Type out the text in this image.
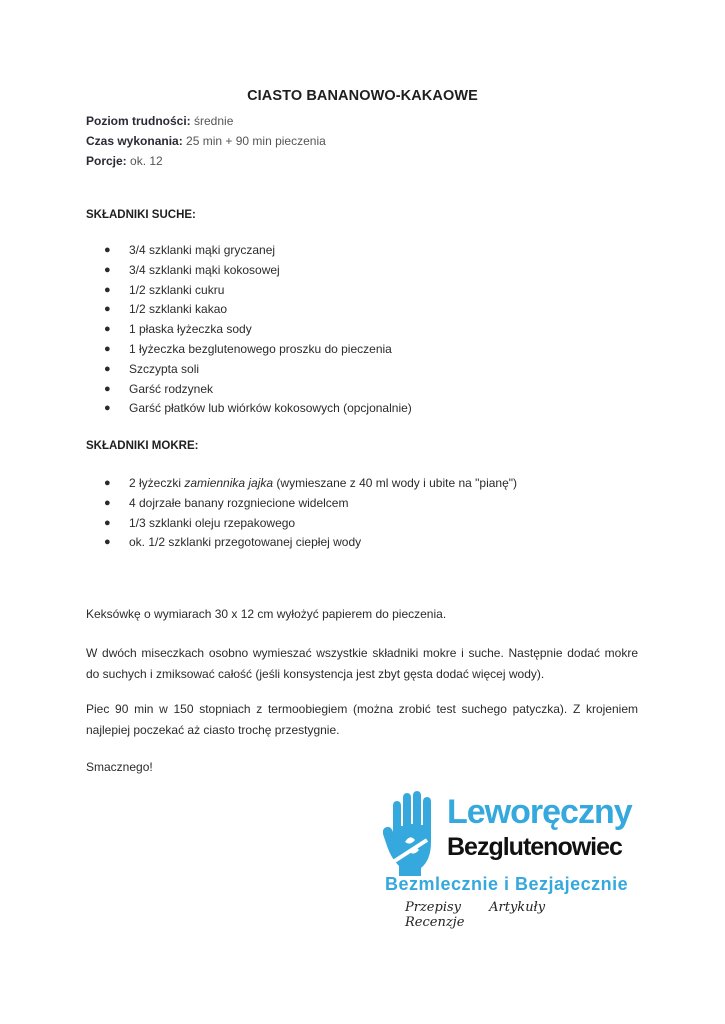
CIASTO BANANOWO-KAKAOWE
Poziom trudności: średnie
Czas wykonania: 25 min + 90 min pieczenia
Porcje: ok. 12
SKŁADNIKI SUCHE:
● 3/4 szklanki mąki gryczanej
● 3/4 szklanki mąki kokosowej
● 1/2 szklanki cukru
● 1/2 szklanki kakao
● 1 płaska łyżeczka sody
● 1 łyżeczka bezglutenowego proszku do pieczenia
● Szczypta soli
● Garść rodzynek
● Garść płatków lub wiórków kokosowych (opcjonalnie)
SKŁADNIKI MOKRE:
● 2 łyżeczki zamiennika jajka (wymieszane z 40 ml wody i ubite na "pianę")
● 4 dojrzałe banany rozgniecione widelcem
● 1/3 szklanki oleju rzepakowego
● ok. 1/2 szklanki przegotowanej ciepłej wody

Keksówkę o wymiarach 30 x 12 cm wyłożyć papierem do pieczenia.

W dwóch miseczkach osobno wymieszać wszystkie składniki mokre i suche. Następnie dodać mokre do suchych i zmiksować całość (jeśli konsystencja jest zbyt gęsta dodać więcej wody).

Piec 90 min w 150 stopniach z termoobiegiem (można zrobić test suchego patyczka). Z krojeniem najlepiej poczekać aż ciasto trochę przestygnie.

Smacznego!

Leworęczny
Bezglutenowiec
Bezmlecznie i Bezjajecznie
Przepisy Artykuły Recenzje
